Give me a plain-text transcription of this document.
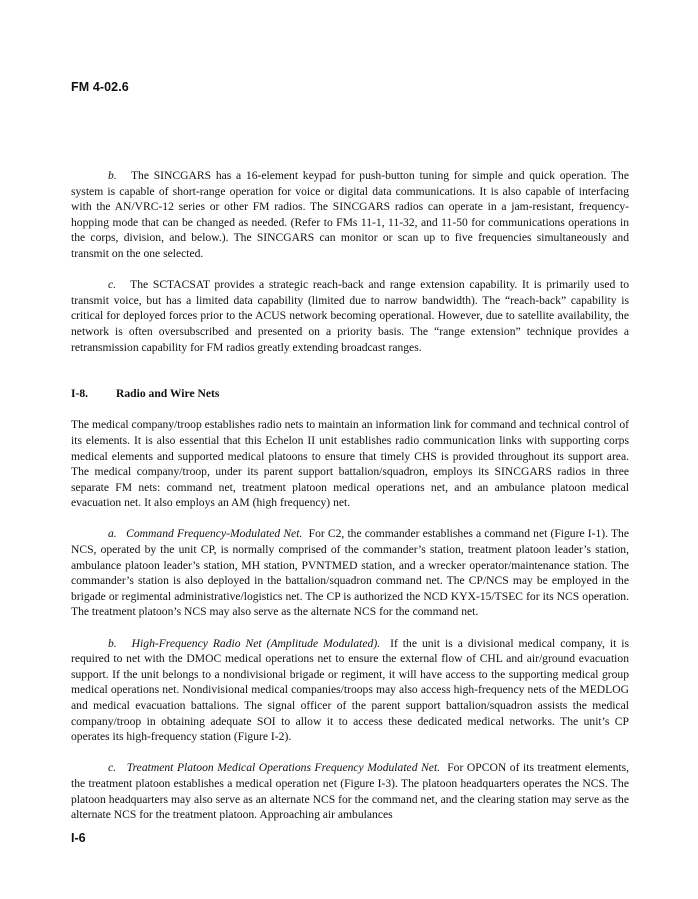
FM 4-02.6

b. The SINCGARS has a 16-element keypad for push-button tuning for simple and quick operation. The system is capable of short-range operation for voice or digital data communications. It is also capable of interfacing with the AN/VRC-12 series or other FM radios. The SINCGARS radios can operate in a jam-resistant, frequency-hopping mode that can be changed as needed. (Refer to FMs 11-1, 11-32, and 11-50 for communications operations in the corps, division, and below.). The SINCGARS can monitor or scan up to five frequencies simultaneously and transmit on the one selected.

c. The SCTACSAT provides a strategic reach-back and range extension capability. It is primarily used to transmit voice, but has a limited data capability (limited due to narrow bandwidth). The “reach-back” capability is critical for deployed forces prior to the ACUS network becoming operational. However, due to satellite availability, the network is often oversubscribed and presented on a priority basis. The “range extension” technique provides a retransmission capability for FM radios greatly extending broadcast ranges.

I-8.	Radio and Wire Nets

The medical company/troop establishes radio nets to maintain an information link for command and technical control of its elements. It is also essential that this Echelon II unit establishes radio communication links with supporting corps medical elements and supported medical platoons to ensure that timely CHS is provided throughout its support area. The medical company/troop, under its parent support battalion/squadron, employs its SINCGARS radios in three separate FM nets: command net, treatment platoon medical operations net, and an ambulance platoon medical evacuation net. It also employs an AM (high frequency) net.

a. Command Frequency-Modulated Net. For C2, the commander establishes a command net (Figure I-1). The NCS, operated by the unit CP, is normally comprised of the commander’s station, treatment platoon leader’s station, ambulance platoon leader’s station, MH station, PVNTMED station, and a wrecker operator/maintenance station. The commander’s station is also deployed in the battalion/squadron command net. The CP/NCS may be employed in the brigade or regimental administrative/logistics net. The CP is authorized the NCD KYX-15/TSEC for its NCS operation. The treatment platoon’s NCS may also serve as the alternate NCS for the command net.

b. High-Frequency Radio Net (Amplitude Modulated). If the unit is a divisional medical company, it is required to net with the DMOC medical operations net to ensure the external flow of CHL and air/ground evacuation support. If the unit belongs to a nondivisional brigade or regiment, it will have access to the supporting medical group medical operations net. Nondivisional medical companies/troops may also access high-frequency nets of the MEDLOG and medical evacuation battalions. The signal officer of the parent support battalion/squadron assists the medical company/troop in obtaining adequate SOI to allow it to access these dedicated medical networks. The unit’s CP operates its high-frequency station (Figure I-2).

c. Treatment Platoon Medical Operations Frequency Modulated Net. For OPCON of its treatment elements, the treatment platoon establishes a medical operation net (Figure I-3). The platoon headquarters operates the NCS. The platoon headquarters may also serve as an alternate NCS for the command net, and the clearing station may serve as the alternate NCS for the treatment platoon. Approaching air ambulances

I-6
